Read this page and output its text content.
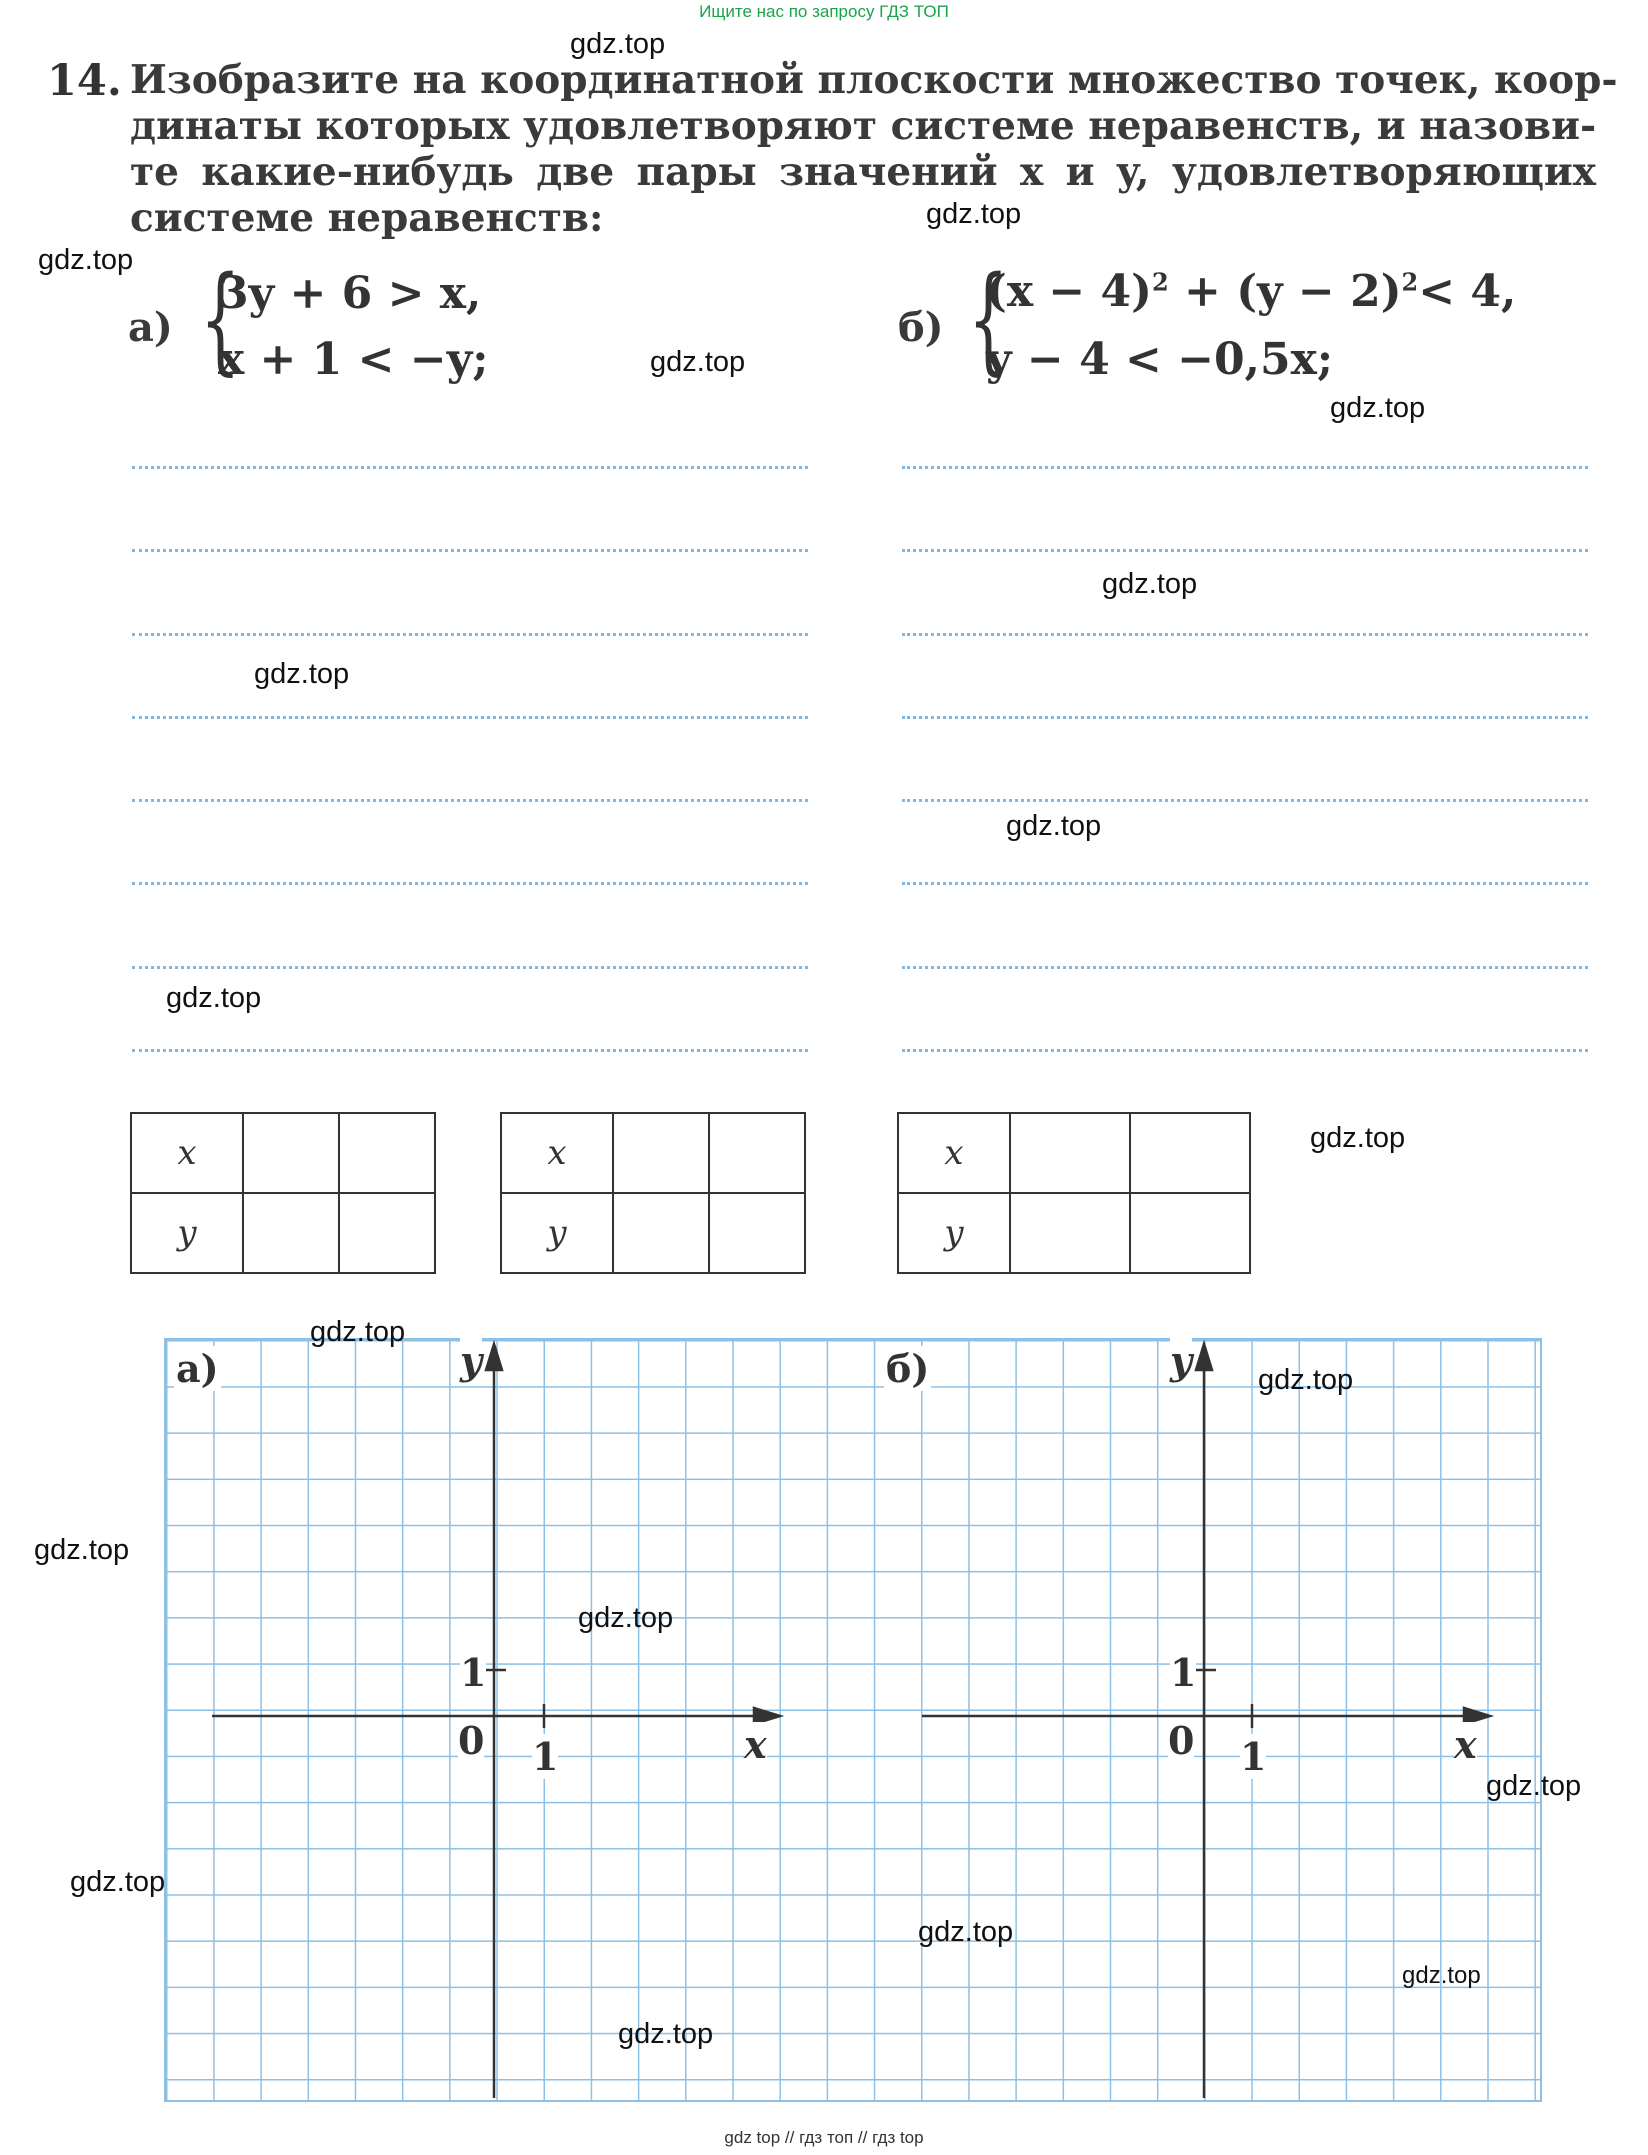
Ищите нас по запросу ГДЗ ТОП
14. Изобразите на координатной плоскости множество точек, коор-
динаты которых удовлетворяют системе неравенств, и назови-
те какие-нибудь две пары значений x и y, удовлетворяющих
системе неравенств:
а) {
3y + 6 > x,
x + 1 < −y;
б) {
$(x - 4)^2 + (y - 2)^2< 4$,
y − 4 < −0,5x;
x		
y		
x		
y		
x		
y		
а)	y
x
0 1
1
б)	y
x
0 1
1
gdz.top
gdz.top
gdz.top
gdz.top
gdz.top
gdz.top
gdz.top
gdz.top
gdz.top
gdz.top
gdz.top
gdz.top
gdz.top
gdz.top
gdz.top
gdz.top
gdz.top
gdz.top
gdz.top
gdz top // гдз топ // гдз top
